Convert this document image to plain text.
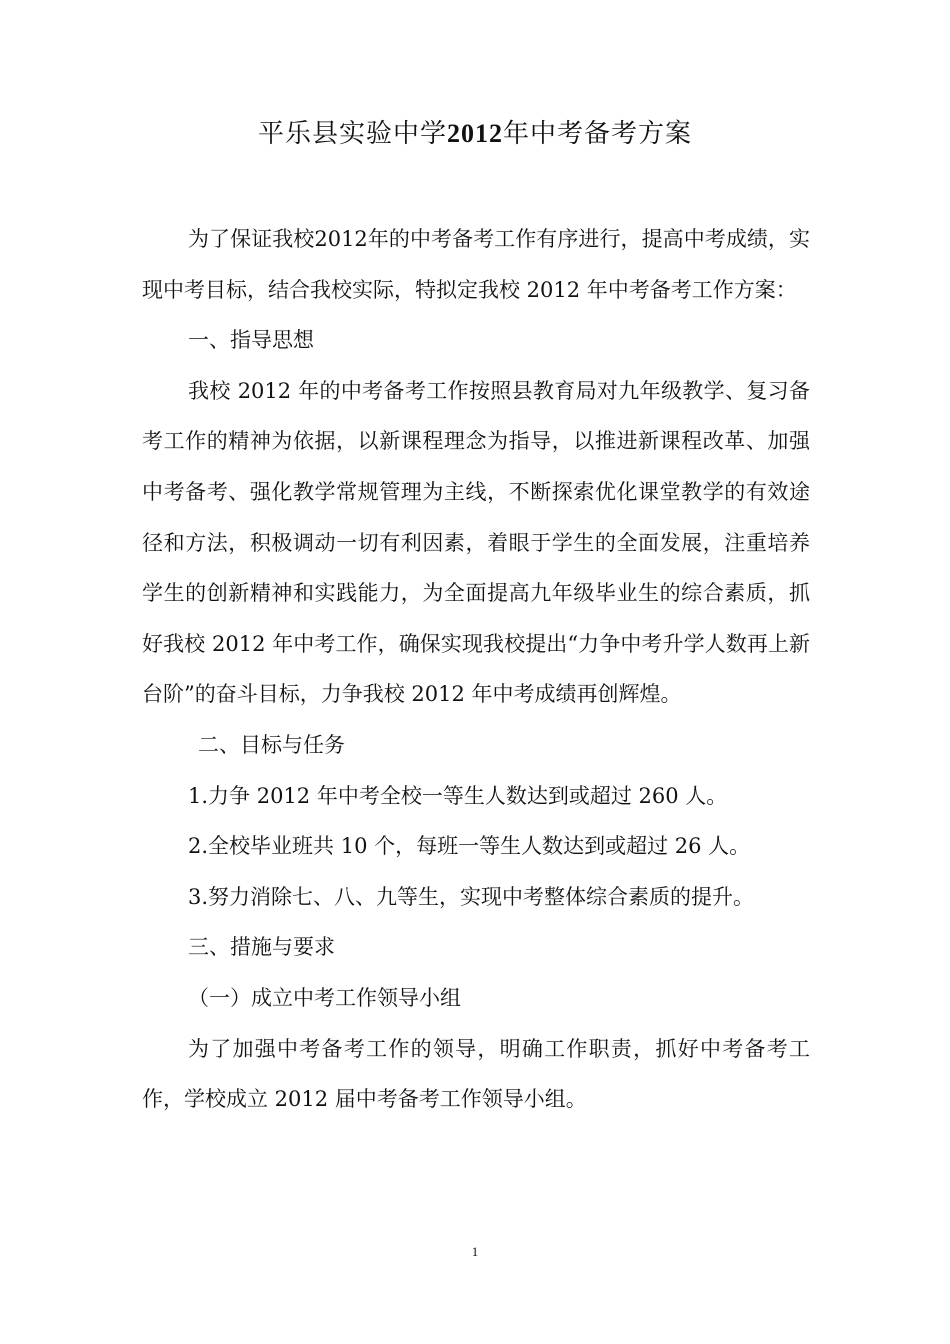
平乐县实验中学2012年中考备考方案

为了保证我校2012年的中考备考工作有序进行，提高中考成绩，实现中考目标，结合我校实际，特拟定我校 2012 年中考备考工作方案：

一、指导思想

我校 2012 年的中考备考工作按照县教育局对九年级教学、复习备考工作的精神为依据，以新课程理念为指导，以推进新课程改革、加强中考备考、强化教学常规管理为主线，不断探索优化课堂教学的有效途径和方法，积极调动一切有利因素，着眼于学生的全面发展，注重培养学生的创新精神和实践能力，为全面提高九年级毕业生的综合素质，抓好我校 2012 年中考工作，确保实现我校提出“力争中考升学人数再上新台阶”的奋斗目标，力争我校 2012 年中考成绩再创辉煌。

二、目标与任务

1.力争 2012 年中考全校一等生人数达到或超过 260 人。

2.全校毕业班共 10 个，每班一等生人数达到或超过 26 人。

3.努力消除七、八、九等生，实现中考整体综合素质的提升。

三、措施与要求

（一）成立中考工作领导小组

为了加强中考备考工作的领导，明确工作职责，抓好中考备考工作，学校成立 2012 届中考备考工作领导小组。

1
